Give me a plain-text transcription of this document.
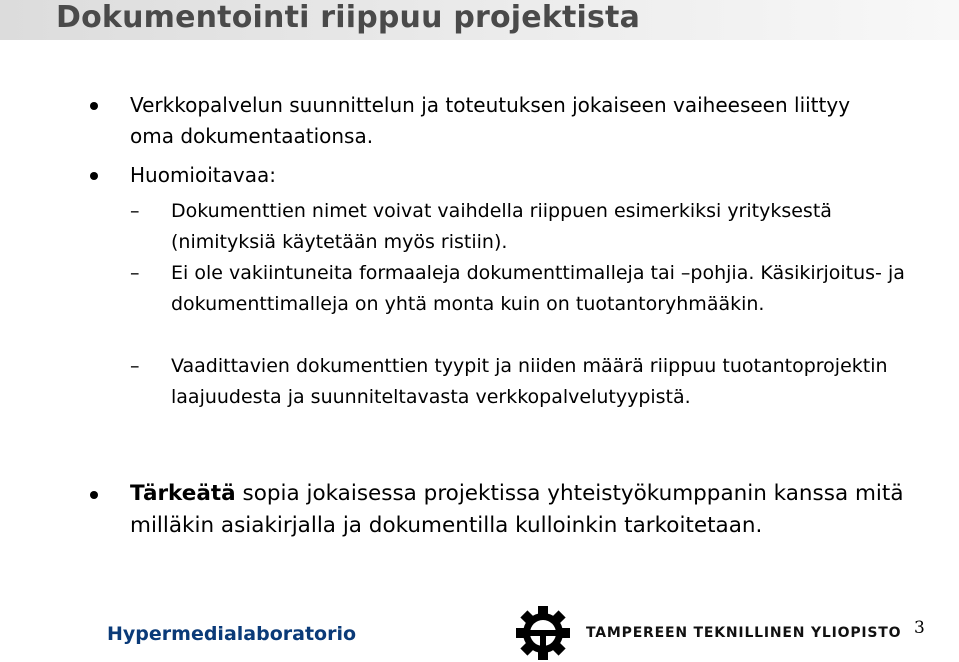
Dokumentointi riippuu projektista

Verkkopalvelun suunnittelun ja toteutuksen jokaiseen vaiheeseen liittyy oma dokumentaationsa.

Huomioitavaa:

– Dokumenttien nimet voivat vaihdella riippuen esimerkiksi yrityksestä (nimityksiä käytetään myös ristiin).

– Ei ole vakiintuneita formaaleja dokumenttimalleja tai –pohjia. Käsikirjoitus- ja dokumenttimalleja on yhtä monta kuin on tuotantoryhmääkin.

– Vaadittavien dokumenttien tyypit ja niiden määrä riippuu tuotantoprojektin laajuudesta ja suunniteltavasta verkkopalvelutyypistä.

Tärkeätä sopia jokaisessa projektissa yhteistyökumppanin kanssa mitä milläkin asiakirjalla ja dokumentilla kulloinkin tarkoitetaan.

Hypermedialaboratorio	TAMPEREEN TEKNILLINEN YLIOPISTO 3
